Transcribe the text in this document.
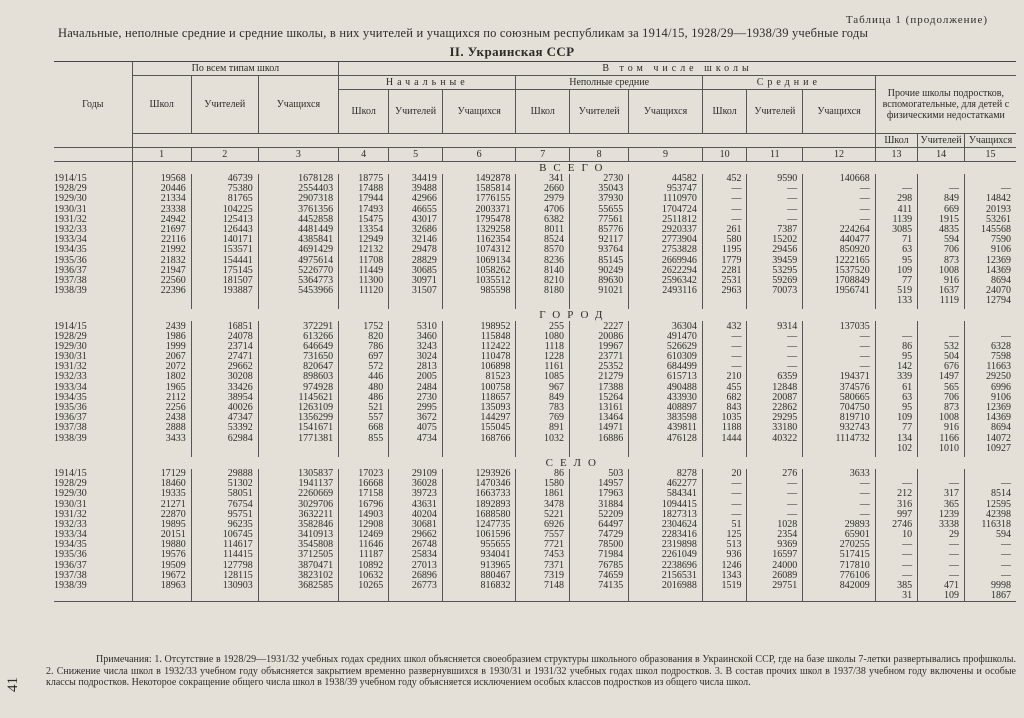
Таблица 1 (продолжение)
Начальные, неполные средние и средние школы, в них учителей и учащихся по союзным республикам за 1914/15, 1928/29—1938/39 учебные годы
II. Украинская ССР
Годы	По всем типам школ			В том числе школы											
	Школ	Учителей	Учащихся	Начальные			Неполные средние			Средние			Прочие школы подростков, вспомогательные, для детей с физическими недостатками		
				Школ	Учителей	Учащихся	Школ	Учителей	Учащихся	Школ	Учителей	Учащихся			
													Школ	Учителей	Учащихся
	1	2	3	4	5	6	7	8	9	10	11	12	13	14	15
	ВСЕГО														
1914/15	19568	46739	1678128	18775	34419	1492878	341	2730	44582	452	9590	140668			
1928/29	20446	75380	2554403	17488	39488	1585814	2660	35043	953747	—	—	—	—	—	—
1929/30	21334	81765	2907318	17944	42966	1776155	2979	37930	1110970	—	—	—	298	849	14842
1930/31	23338	104225	3761356	17493	46655	2003371	4706	55655	1704724	—	—	—	411	669	20193
1931/32	24942	125413	4452858	15475	43017	1795478	6382	77561	2511812	—	—	—	1139	1915	53261
1932/33	21697	126443	4481449	13354	32686	1329258	8011	85776	2920337	261	7387	224264	3085	4835	145568
1933/34	22116	140171	4385841	12949	32146	1162354	8524	92117	2773904	580	15202	440477	71	594	7590
1934/35	21992	153571	4691429	12132	29478	1074312	8570	93764	2753828	1195	29456	850920	63	706	9106
1935/36	21832	154441	4975614	11708	28829	1069134	8236	85145	2669946	1779	39459	1222165	95	873	12369
1936/37	21947	175145	5226770	11449	30685	1058262	8140	90249	2622294	2281	53295	1537520	109	1008	14369
1937/38	22560	181507	5364773	11300	30971	1035512	8210	89630	2596342	2531	59269	1708849	77	916	8694
1938/39	22396	193887	5453966	11120	31507	985598	8180	91021	2493116	2963	70073	1956741	519	1637	24070
													133	1119	12794

	ГОРОД														
1914/15	2439	16851	372291	1752	5310	198952	255	2227	36304	432	9314	137035			
1928/29	1986	24078	613266	820	3460	115848	1080	20086	491470	—	—	—	—	—	—
1929/30	1999	23714	646649	786	3243	112422	1118	19967	526629	—	—	—	86	532	6328
1930/31	2067	27471	731650	697	3024	110478	1228	23771	610309	—	—	—	95	504	7598
1931/32	2072	29662	820647	572	2813	106898	1161	25352	684499	—	—	—	142	676	11663
1932/33	1802	30208	898603	446	2005	81523	1085	21279	615713	210	6359	194371	339	1497	29250
1933/34	1965	33426	974928	480	2484	100758	967	17388	490488	455	12848	374576	61	565	6996
1934/35	2112	38954	1145621	486	2730	118657	849	15264	433930	682	20087	580665	63	706	9106
1935/36	2256	40026	1263109	521	2995	135093	783	13161	408897	843	22862	704750	95	873	12369
1936/37	2438	47347	1356299	557	3672	144297	769	13464	383598	1035	29295	819710	109	1008	14369
1937/38	2888	53392	1541671	668	4075	155045	891	14971	439811	1188	33180	932743	77	916	8694
1938/39	3433	62984	1771381	855	4734	168766	1032	16886	476128	1444	40322	1114732	134	1166	14072
													102	1010	10927

	СЕЛО														
1914/15	17129	29888	1305837	17023	29109	1293926	86	503	8278	20	276	3633			
1928/29	18460	51302	1941137	16668	36028	1470346	1580	14957	462277	—	—	—	—	—	—
1929/30	19335	58051	2260669	17158	39723	1663733	1861	17963	584341	—	—	—	212	317	8514
1930/31	21271	76754	3029706	16796	43631	1892893	3478	31884	1094415	—	—	—	316	365	12595
1931/32	22870	95751	3632211	14903	40204	1688580	5221	52209	1827313	—	—	—	997	1239	42398
1932/33	19895	96235	3582846	12908	30681	1247735	6926	64497	2304624	51	1028	29893	2746	3338	116318
1933/34	20151	106745	3410913	12469	29662	1061596	7557	74729	2283416	125	2354	65901	10	29	594
1934/35	19880	114617	3545808	11646	26748	955655	7721	78500	2319898	513	9369	270255	—	—	—
1935/36	19576	114415	3712505	11187	25834	934041	7453	71984	2261049	936	16597	517415	—	—	—
1936/37	19509	127798	3870471	10892	27013	913965	7371	76785	2238696	1246	24000	717810	—	—	—
1937/38	19672	128115	3823102	10632	26896	880467	7319	74659	2156531	1343	26089	776106	—	—	—
1938/39	18963	130903	3682585	10265	26773	816832	7148	74135	2016988	1519	29751	842009	385	471	9998
													31	109	1867
Примечания: 1. Отсутствие в 1928/29—1931/32 учебных годах средних школ объясняется своеобразием структуры школьного образования в Украинской ССР, где на базе школы 7-летки развертывались профшколы. 2. Снижение числа школ в 1932/33 учебном году объясняется закрытием временно развернувшихся в 1930/31 и 1931/32 учебных годах школ подростков. 3. В состав прочих школ в 1937/38 учебном году включены и особые классы подростков. Некоторое сокращение общего числа школ в 1938/39 учебном году объясняется исключением особых классов подростков из общего числа школ.
41
